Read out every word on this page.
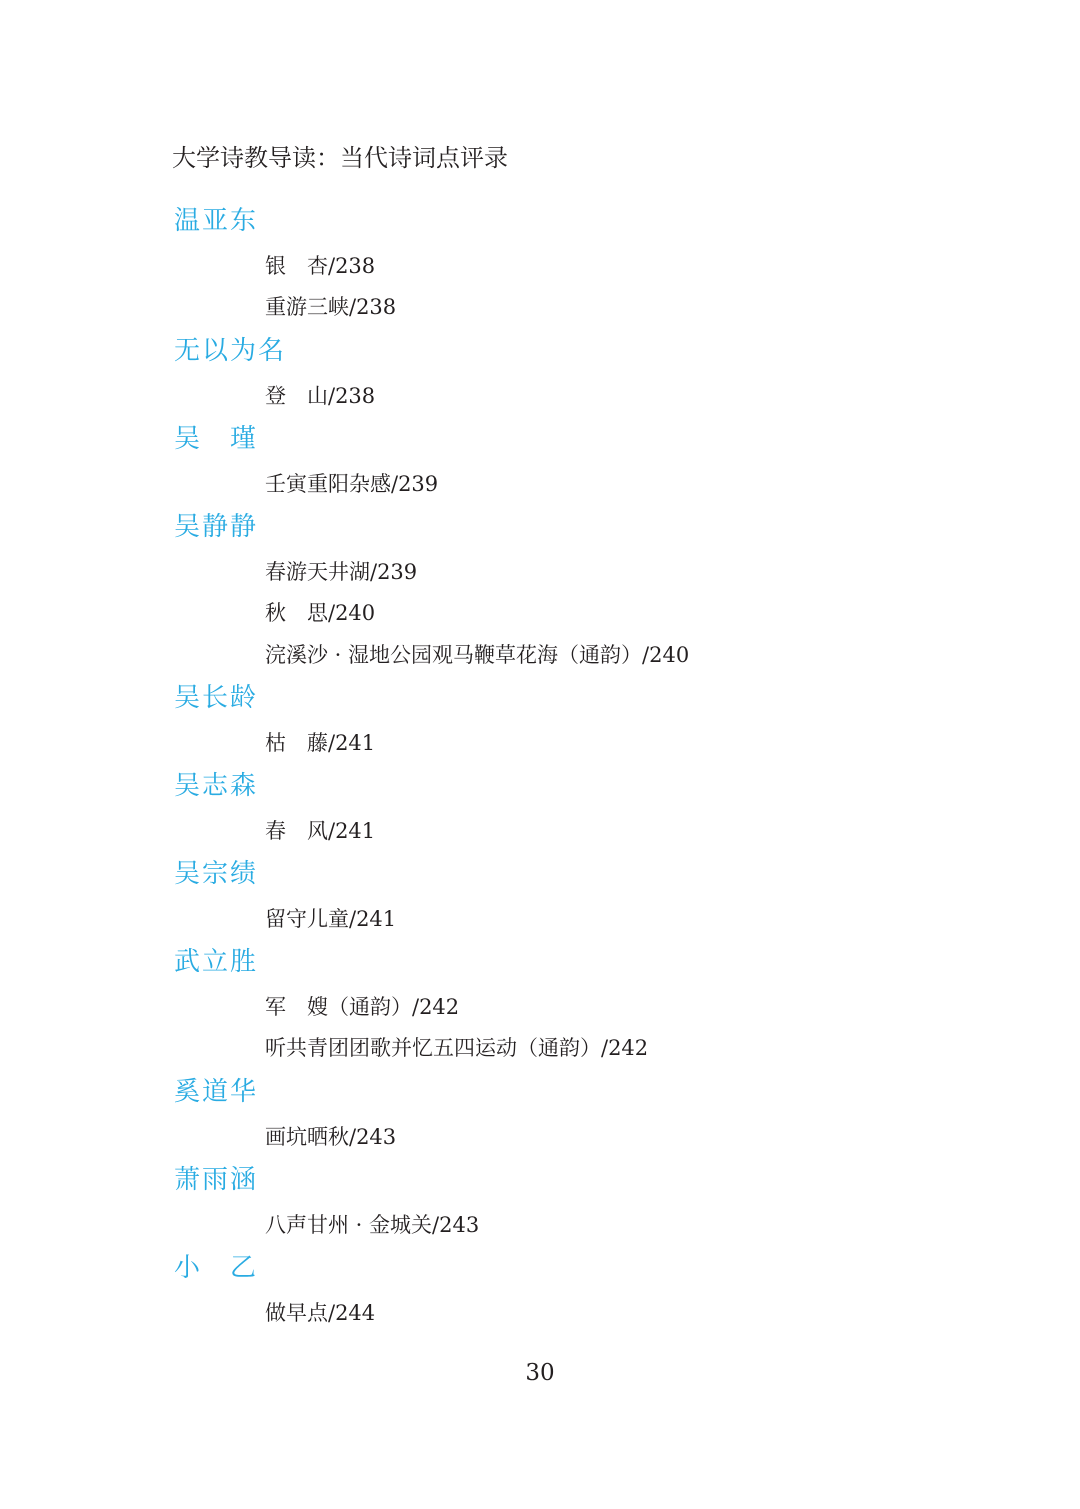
大学诗教导读：当代诗词点评录
温亚东
银　杏/238
重游三峡/238
无以为名
登　山/238
吴　瑾
壬寅重阳杂感/239
吴静静
春游天井湖/239
秋　思/240
浣溪沙 · 湿地公园观马鞭草花海（通韵）/240
吴长龄
枯　藤/241
吴志森
春　风/241
吴宗绩
留守儿童/241
武立胜
军　嫂（通韵）/242
听共青团团歌并忆五四运动（通韵）/242
奚道华
画坑晒秋/243
萧雨涵
八声甘州 · 金城关/243
小　乙
做早点/244
30
